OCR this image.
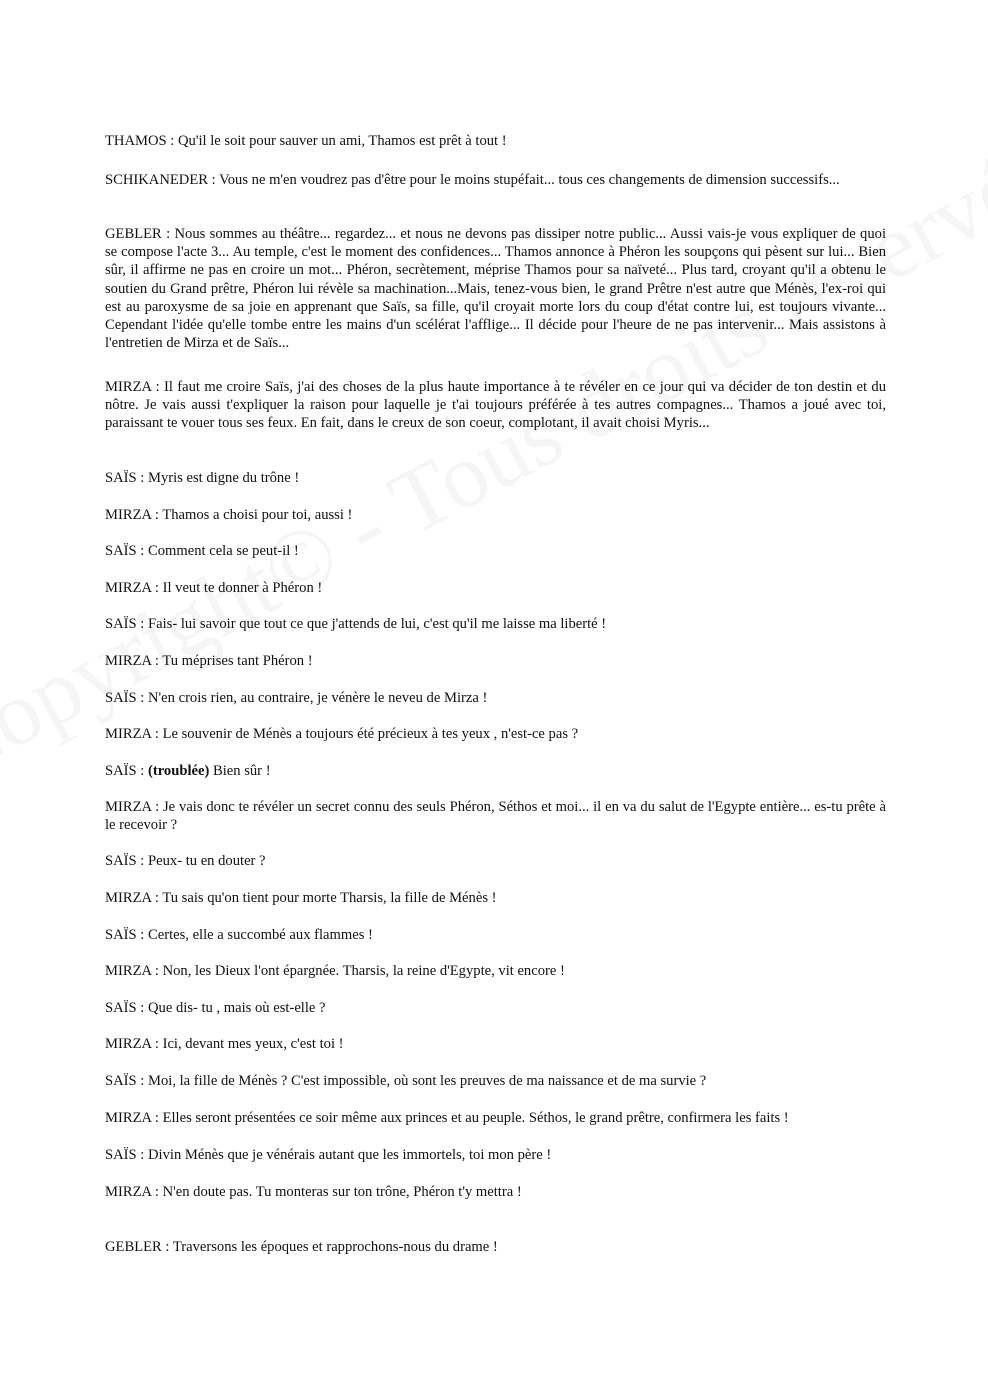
THAMOS : Qu'il le soit pour sauver un ami, Thamos est prêt à tout !

SCHIKANEDER : Vous ne m'en voudrez pas d'être pour le moins stupéfait... tous ces changements de dimension successifs...

GEBLER : Nous sommes au théâtre... regardez... et nous ne devons pas dissiper notre public... Aussi vais-je vous expliquer de quoi se compose l'acte 3... Au temple, c'est le moment des confidences... Thamos annonce à Phéron les soupçons qui pèsent sur lui... Bien sûr, il affirme ne pas en croire un mot... Phéron, secrètement, méprise Thamos pour sa naïveté... Plus tard, croyant qu'il a obtenu le soutien du Grand prêtre, Phéron lui révèle sa machination...Mais, tenez-vous bien, le grand Prêtre n'est autre que Ménès, l'ex-roi qui est au paroxysme de sa joie en apprenant que Saïs, sa fille, qu'il croyait morte lors du coup d'état contre lui, est toujours vivante... Cependant l'idée qu'elle tombe entre les mains d'un scélérat l'afflige... Il décide pour l'heure de ne pas intervenir... Mais assistons à l'entretien de Mirza et de Saïs...

MIRZA : Il faut me croire Saïs, j'ai des choses de la plus haute importance à te révéler en ce jour qui va décider de ton destin et du nôtre. Je vais aussi t'expliquer la raison pour laquelle je t'ai toujours préférée à tes autres compagnes... Thamos a joué avec toi, paraissant te vouer tous ses feux. En fait, dans le creux de son coeur, complotant, il avait choisi Myris...

SAÏS : Myris est digne du trône !

MIRZA : Thamos a choisi pour toi, aussi !

SAÏS : Comment cela se peut-il !

MIRZA : Il veut te donner à Phéron !

SAÏS : Fais- lui savoir que tout ce que j'attends de lui, c'est qu'il me laisse ma liberté !

MIRZA : Tu méprises tant Phéron !

SAÏS : N'en crois rien, au contraire, je vénère le neveu de Mirza !

MIRZA : Le souvenir de Ménès a toujours été précieux à tes yeux , n'est-ce pas ?

SAÏS : (troublée) Bien sûr !

MIRZA : Je vais donc te révéler un secret connu des seuls Phéron, Séthos et moi... il en va du salut de l'Egypte entière... es-tu prête à le recevoir ?

SAÏS : Peux- tu en douter ?

MIRZA : Tu sais qu'on tient pour morte Tharsis, la fille de Ménès !

SAÏS : Certes, elle a succombé aux flammes !

MIRZA : Non, les Dieux l'ont épargnée. Tharsis, la reine d'Egypte, vit encore !

SAÏS : Que dis- tu , mais où est-elle ?

MIRZA : Ici, devant mes yeux, c'est toi !

SAÏS : Moi, la fille de Ménès ? C'est impossible, où sont les preuves de ma naissance et de ma survie ?

MIRZA : Elles seront présentées ce soir même aux princes et au peuple. Séthos, le grand prêtre, confirmera les faits !

SAÏS : Divin Ménès que je vénérais autant que les immortels, toi mon père !

MIRZA : N'en doute pas. Tu monteras sur ton trône, Phéron t'y mettra !

GEBLER : Traversons les époques et rapprochons-nous du drame !
